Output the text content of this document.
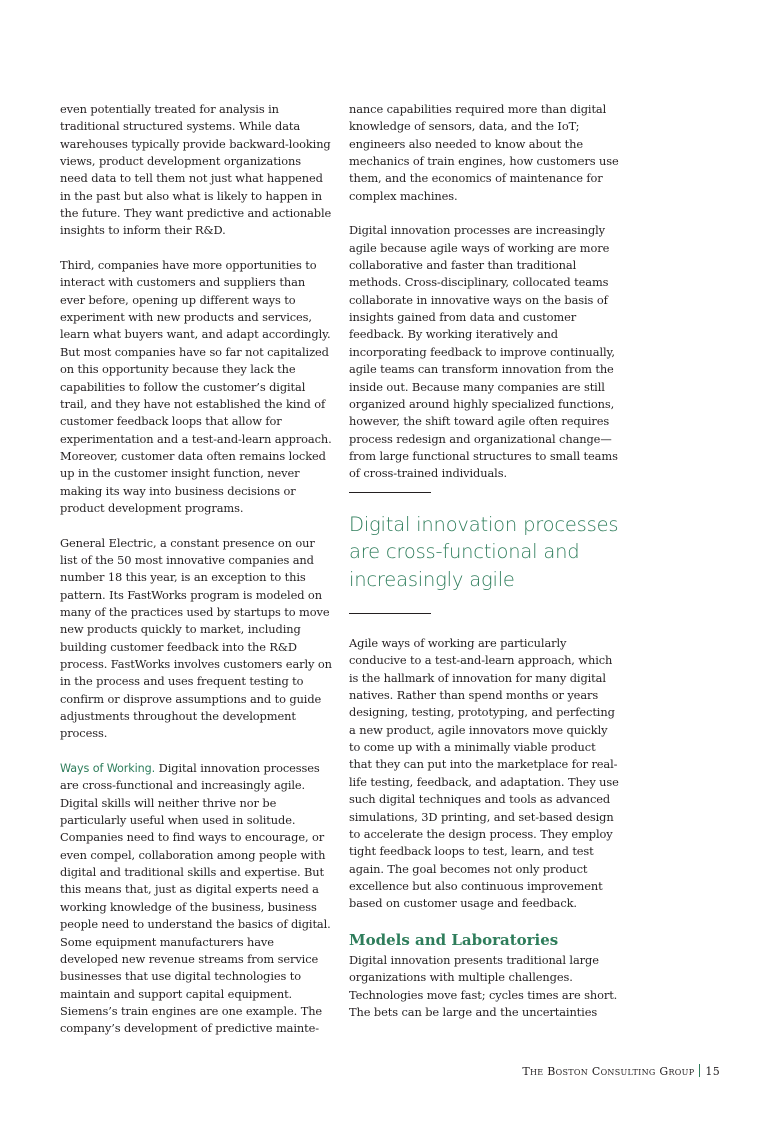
even potentially treated for analysis in traditional structured systems. While data warehouses typically provide backward-looking views, product development organizations need data to tell them not just what happened in the past but also what is likely to happen in the future. They want predictive and actionable insights to inform their R&D.

Third, companies have more opportunities to interact with customers and suppliers than ever before, opening up different ways to experiment with new products and services, learn what buyers want, and adapt accordingly. But most companies have so far not capitalized on this opportunity because they lack the capabilities to follow the customer’s digital trail, and they have not established the kind of customer feedback loops that allow for experimentation and a test-and-learn approach. Moreover, customer data often remains locked up in the customer insight function, never making its way into business decisions or product development programs.

General Electric, a constant presence on our list of the 50 most innovative companies and number 18 this year, is an exception to this pattern. Its FastWorks program is modeled on many of the practices used by startups to move new products quickly to market, including building customer feedback into the R&D process. FastWorks involves customers early on in the process and uses frequent testing to confirm or disprove assumptions and to guide adjustments throughout the development process.

Ways of Working. Digital innovation processes are cross-functional and increasingly agile. Digital skills will neither thrive nor be particularly useful when used in solitude. Companies need to find ways to encourage, or even compel, collaboration among people with digital and traditional skills and expertise. But this means that, just as digital experts need a working knowledge of the business, business people need to understand the basics of digital. Some equipment manufacturers have developed new revenue streams from service businesses that use digital technologies to maintain and support capital equipment. Siemens’s train engines are one example. The company’s development of predictive mainte-

nance capabilities required more than digital knowledge of sensors, data, and the IoT; engineers also needed to know about the mechanics of train engines, how customers use them, and the economics of maintenance for complex machines.

Digital innovation processes are increasingly agile because agile ways of working are more collaborative and faster than traditional methods. Cross-disciplinary, collocated teams collaborate in innovative ways on the basis of insights gained from data and customer feedback. By working iteratively and incorporating feedback to improve continually, agile teams can transform innovation from the inside out. Because many companies are still organized around highly specialized functions, however, the shift toward agile often requires process redesign and organizational change—from large functional structures to small teams of cross-trained individuals.

Digital innovation processes are cross-functional and increasingly agile

Agile ways of working are particularly conducive to a test-and-learn approach, which is the hallmark of innovation for many digital natives. Rather than spend months or years designing, testing, prototyping, and perfecting a new product, agile innovators move quickly to come up with a minimally viable product that they can put into the marketplace for real-life testing, feedback, and adaptation. They use such digital techniques and tools as advanced simulations, 3D printing, and set-based design to accelerate the design process. They employ tight feedback loops to test, learn, and test again. The goal becomes not only product excellence but also continuous improvement based on customer usage and feedback.

Models and Laboratories

Digital innovation presents traditional large organizations with multiple challenges. Technologies move fast; cycles times are short. The bets can be large and the uncertainties

The Boston Consulting Group 15
